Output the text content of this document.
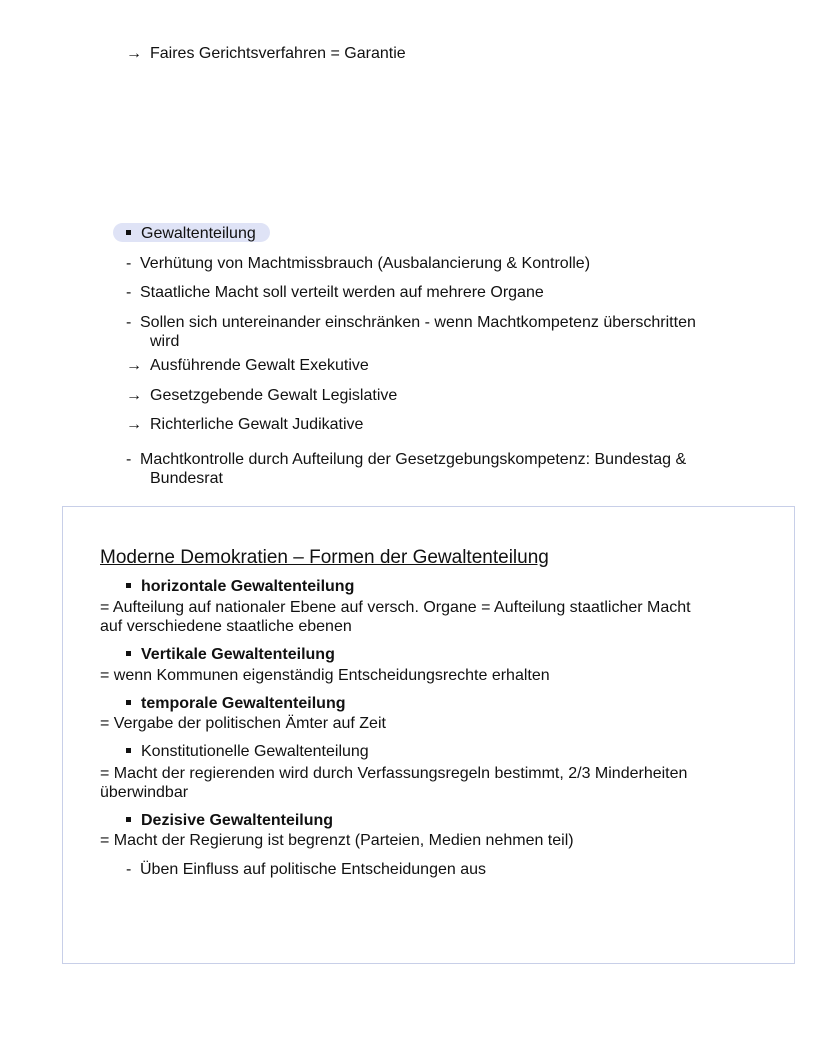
→ Faires Gerichtsverfahren = Garantie
Gewaltenteilung
- Verhütung von Machtmissbrauch (Ausbalancierung & Kontrolle)
- Staatliche Macht soll verteilt werden auf mehrere Organe
- Sollen sich untereinander einschränken - wenn Machtkompetenz überschritten
wird
→ Ausführende Gewalt Exekutive
→ Gesetzgebende Gewalt Legislative
→ Richterliche Gewalt Judikative
- Machtkontrolle durch Aufteilung der Gesetzgebungskompetenz: Bundestag &
Bundesrat
Moderne Demokratien – Formen der Gewaltenteilung
horizontale Gewaltenteilung
= Aufteilung auf nationaler Ebene auf versch. Organe = Aufteilung staatlicher Macht
auf verschiedene staatliche ebenen
Vertikale Gewaltenteilung
= wenn Kommunen eigenständig Entscheidungsrechte erhalten
temporale Gewaltenteilung
= Vergabe der politischen Ämter auf Zeit
Konstitutionelle Gewaltenteilung
= Macht der regierenden wird durch Verfassungsregeln bestimmt, 2/3 Minderheiten
überwindbar
Dezisive Gewaltenteilung
= Macht der Regierung ist begrenzt (Parteien, Medien nehmen teil)
- Üben Einfluss auf politische Entscheidungen aus
